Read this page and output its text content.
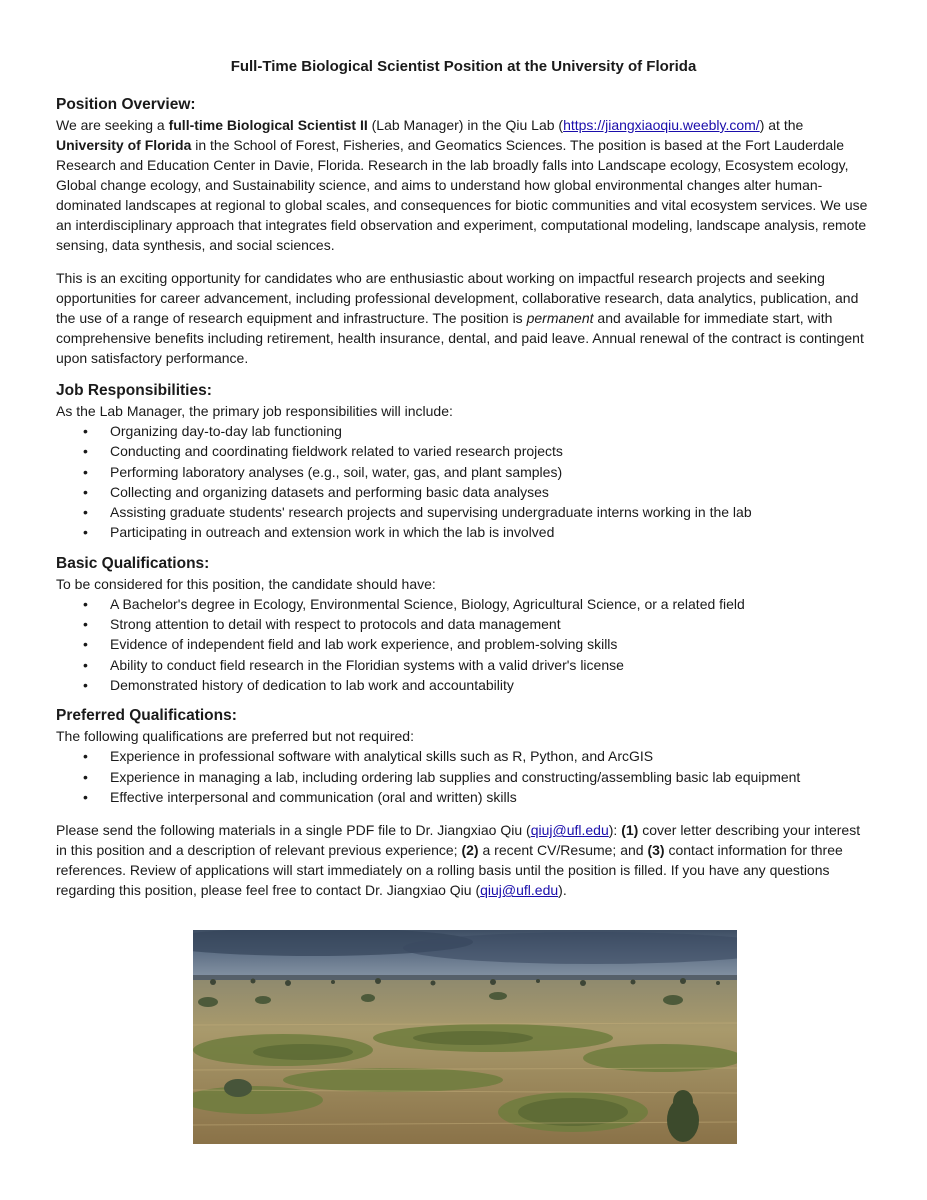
Full-Time Biological Scientist Position at the University of Florida
Position Overview:

We are seeking a full-time Biological Scientist II (Lab Manager) in the Qiu Lab (https://jiangxiaoqiu.weebly.com/) at the University of Florida in the School of Forest, Fisheries, and Geomatics Sciences. The position is based at the Fort Lauderdale Research and Education Center in Davie, Florida. Research in the lab broadly falls into Landscape ecology, Ecosystem ecology, Global change ecology, and Sustainability science, and aims to understand how global environmental changes alter human-dominated landscapes at regional to global scales, and consequences for biotic communities and vital ecosystem services. We use an interdisciplinary approach that integrates field observation and experiment, computational modeling, landscape analysis, remote sensing, data synthesis, and social sciences.

This is an exciting opportunity for candidates who are enthusiastic about working on impactful research projects and seeking opportunities for career advancement, including professional development, collaborative research, data analytics, publication, and the use of a range of research equipment and infrastructure. The position is permanent and available for immediate start, with comprehensive benefits including retirement, health insurance, dental, and paid leave. Annual renewal of the contract is contingent upon satisfactory performance.

Job Responsibilities:

As the Lab Manager, the primary job responsibilities will include:

• Organizing day-to-day lab functioning
• Conducting and coordinating fieldwork related to varied research projects
• Performing laboratory analyses (e.g., soil, water, gas, and plant samples)
• Collecting and organizing datasets and performing basic data analyses
• Assisting graduate students' research projects and supervising undergraduate interns working in the lab
• Participating in outreach and extension work in which the lab is involved
Basic Qualifications:

To be considered for this position, the candidate should have:

• A Bachelor's degree in Ecology, Environmental Science, Biology, Agricultural Science, or a related field
• Strong attention to detail with respect to protocols and data management
• Evidence of independent field and lab work experience, and problem-solving skills
• Ability to conduct field research in the Floridian systems with a valid driver's license
• Demonstrated history of dedication to lab work and accountability
Preferred Qualifications:

The following qualifications are preferred but not required:

• Experience in professional software with analytical skills such as R, Python, and ArcGIS
• Experience in managing a lab, including ordering lab supplies and constructing/assembling basic lab equipment
• Effective interpersonal and communication (oral and written) skills

Please send the following materials in a single PDF file to Dr. Jiangxiao Qiu (qiuj@ufl.edu): (1) cover letter describing your interest in this position and a description of relevant previous experience; (2) a recent CV/Resume; and (3) contact information for three references. Review of applications will start immediately on a rolling basis until the position is filled. If you have any questions regarding this position, please feel free to contact Dr. Jiangxiao Qiu (qiuj@ufl.edu).
